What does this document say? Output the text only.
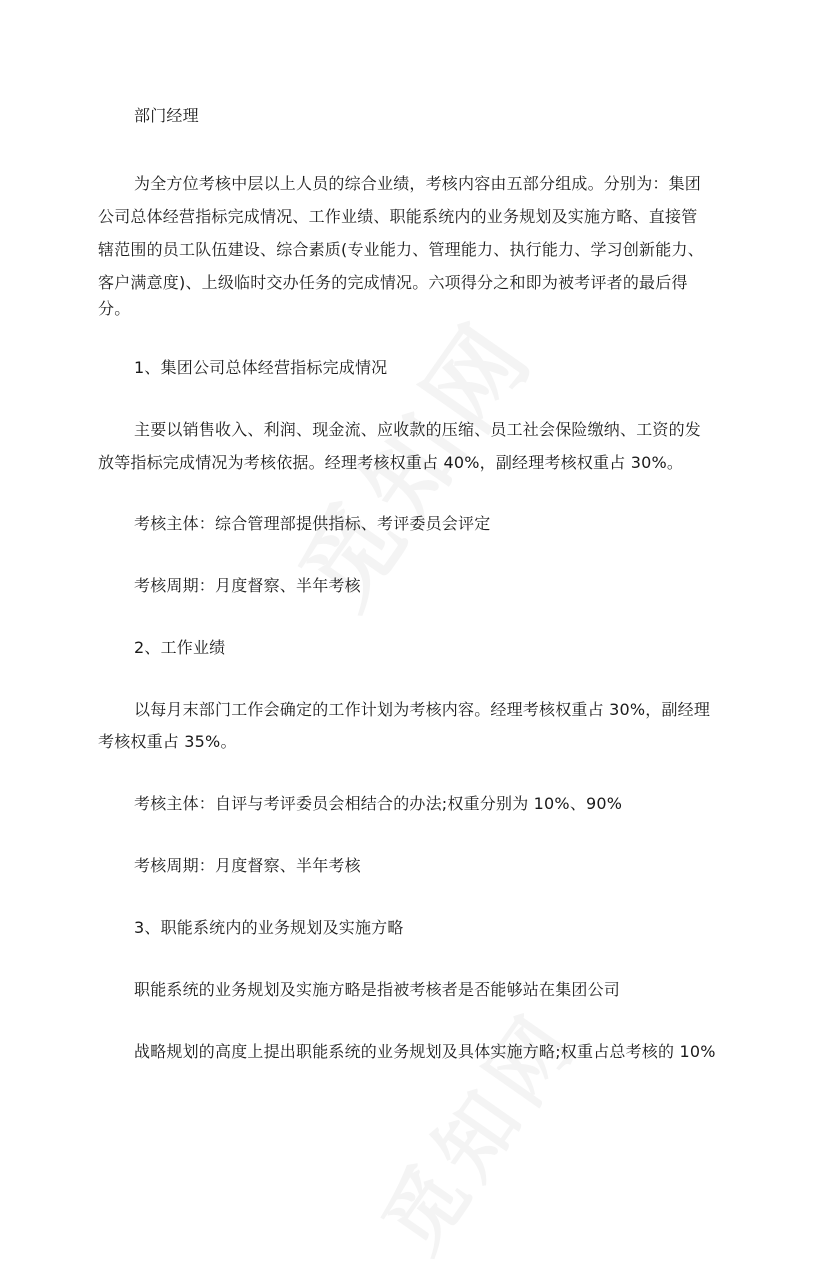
部门经理
为全方位考核中层以上人员的综合业绩，考核内容由五部分组成。分别为：集团
公司总体经营指标完成情况、工作业绩、职能系统内的业务规划及实施方略、直接管
辖范围的员工队伍建设、综合素质(专业能力、管理能力、执行能力、学习创新能力、
客户满意度)、上级临时交办任务的完成情况。六项得分之和即为被考评者的最后得
分。
1、集团公司总体经营指标完成情况
主要以销售收入、利润、现金流、应收款的压缩、员工社会保险缴纳、工资的发
放等指标完成情况为考核依据。经理考核权重占 40%，副经理考核权重占 30%。
考核主体：综合管理部提供指标、考评委员会评定
考核周期：月度督察、半年考核
2、工作业绩
以每月末部门工作会确定的工作计划为考核内容。经理考核权重占 30%，副经理
考核权重占 35%。
考核主体：自评与考评委员会相结合的办法;权重分别为 10%、90%
考核周期：月度督察、半年考核
3、职能系统内的业务规划及实施方略
职能系统的业务规划及实施方略是指被考核者是否能够站在集团公司
战略规划的高度上提出职能系统的业务规划及具体实施方略;权重占总考核的 10%
